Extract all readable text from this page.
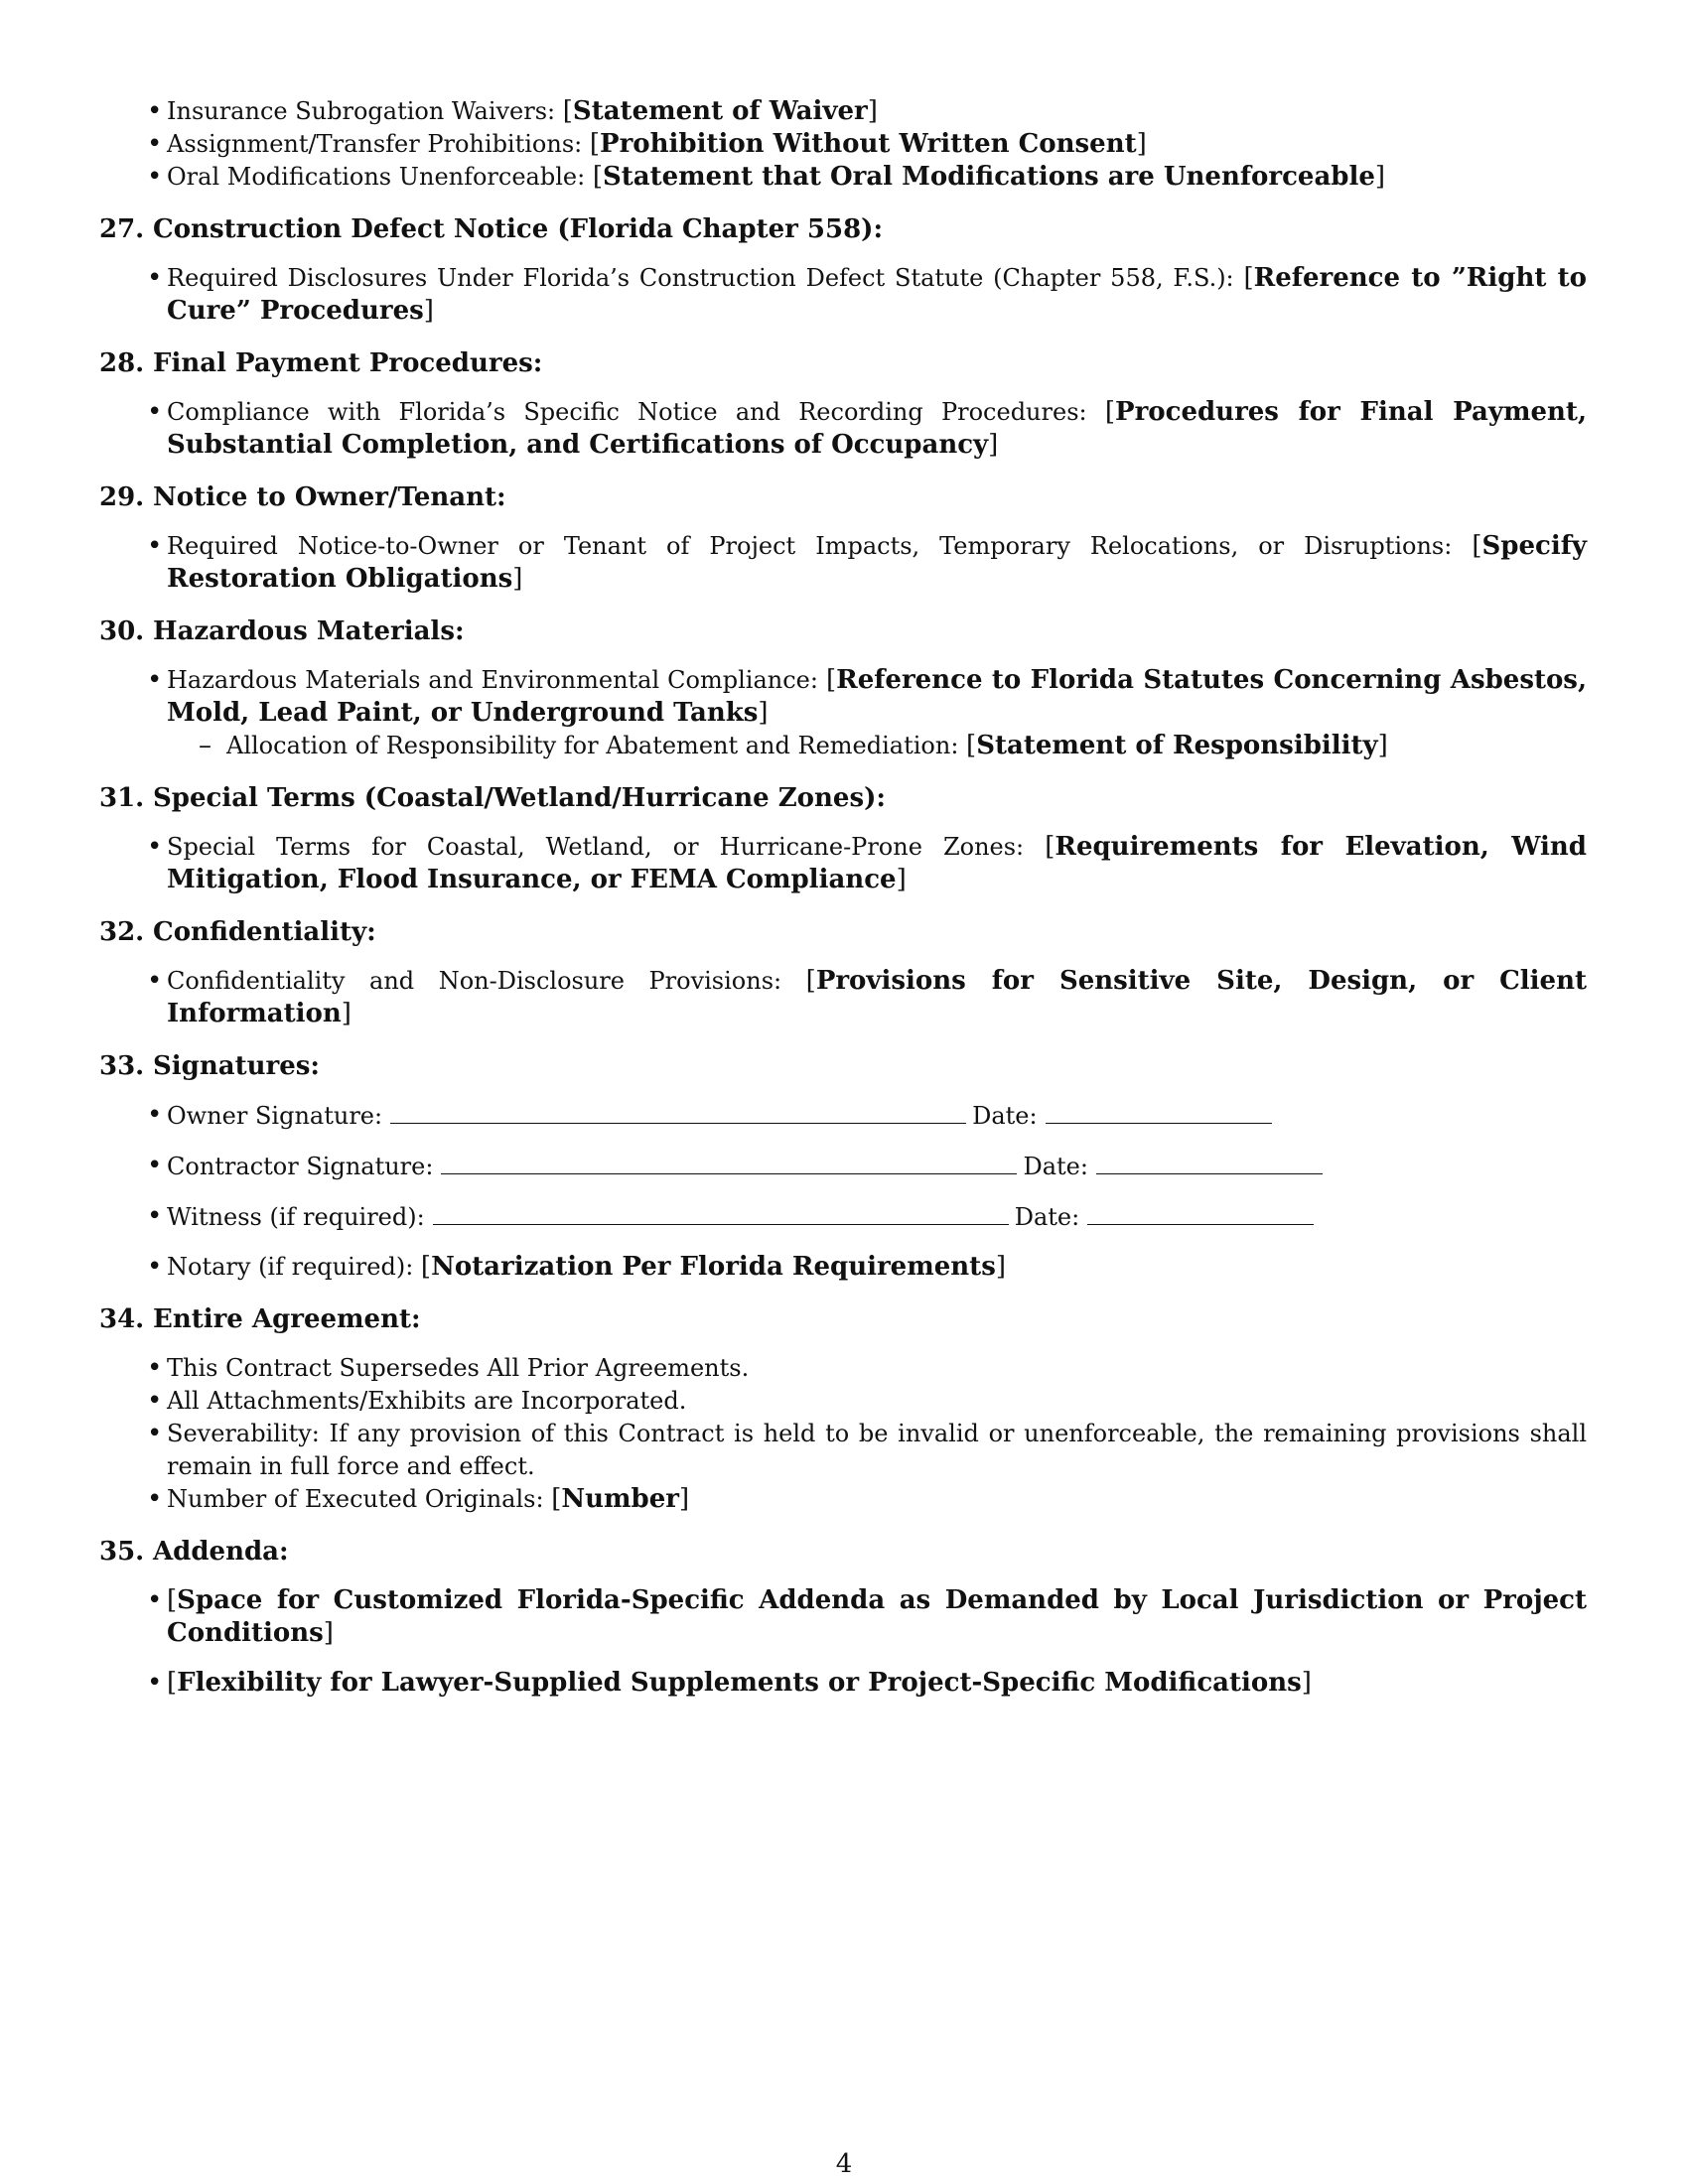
• Insurance Subrogation Waivers: [Statement of Waiver]
• Assignment/Transfer Prohibitions: [Prohibition Without Written Consent]
• Oral Modifications Unenforceable: [Statement that Oral Modifications are Unenforceable]
27. Construction Defect Notice (Florida Chapter 558):
• Required Disclosures Under Florida’s Construction Defect Statute (Chapter 558, F.S.): [Reference to ”Right to Cure” Procedures]
28. Final Payment Procedures:
• Compliance with Florida’s Specific Notice and Recording Procedures: [Procedures for Final Payment, Substantial Completion, and Certifications of Occupancy]
29. Notice to Owner/Tenant:
• Required Notice-to-Owner or Tenant of Project Impacts, Temporary Relocations, or Disruptions: [Specify Restoration Obligations]
30. Hazardous Materials:
• Hazardous Materials and Environmental Compliance: [Reference to Florida Statutes Concerning Asbestos, Mold, Lead Paint, or Underground Tanks]
– Allocation of Responsibility for Abatement and Remediation: [Statement of Responsibility]
31. Special Terms (Coastal/Wetland/Hurricane Zones):
• Special Terms for Coastal, Wetland, or Hurricane-Prone Zones: [Requirements for Elevation, Wind Mitigation, Flood Insurance, or FEMA Compliance]
32. Confidentiality:
• Confidentiality and Non-Disclosure Provisions: [Provisions for Sensitive Site, Design, or Client Information]
33. Signatures:
• Owner Signature:	Date:
• Contractor Signature:	Date:
• Witness (if required):	Date:
• Notary (if required): [Notarization Per Florida Requirements]
34. Entire Agreement:
• This Contract Supersedes All Prior Agreements.
• All Attachments/Exhibits are Incorporated.
• Severability: If any provision of this Contract is held to be invalid or unenforceable, the remaining provisions shall remain in full force and effect.
• Number of Executed Originals: [Number]
35. Addenda:
• [Space for Customized Florida-Specific Addenda as Demanded by Local Jurisdiction or Project Conditions]
• [Flexibility for Lawyer-Supplied Supplements or Project-Specific Modifications]
4
